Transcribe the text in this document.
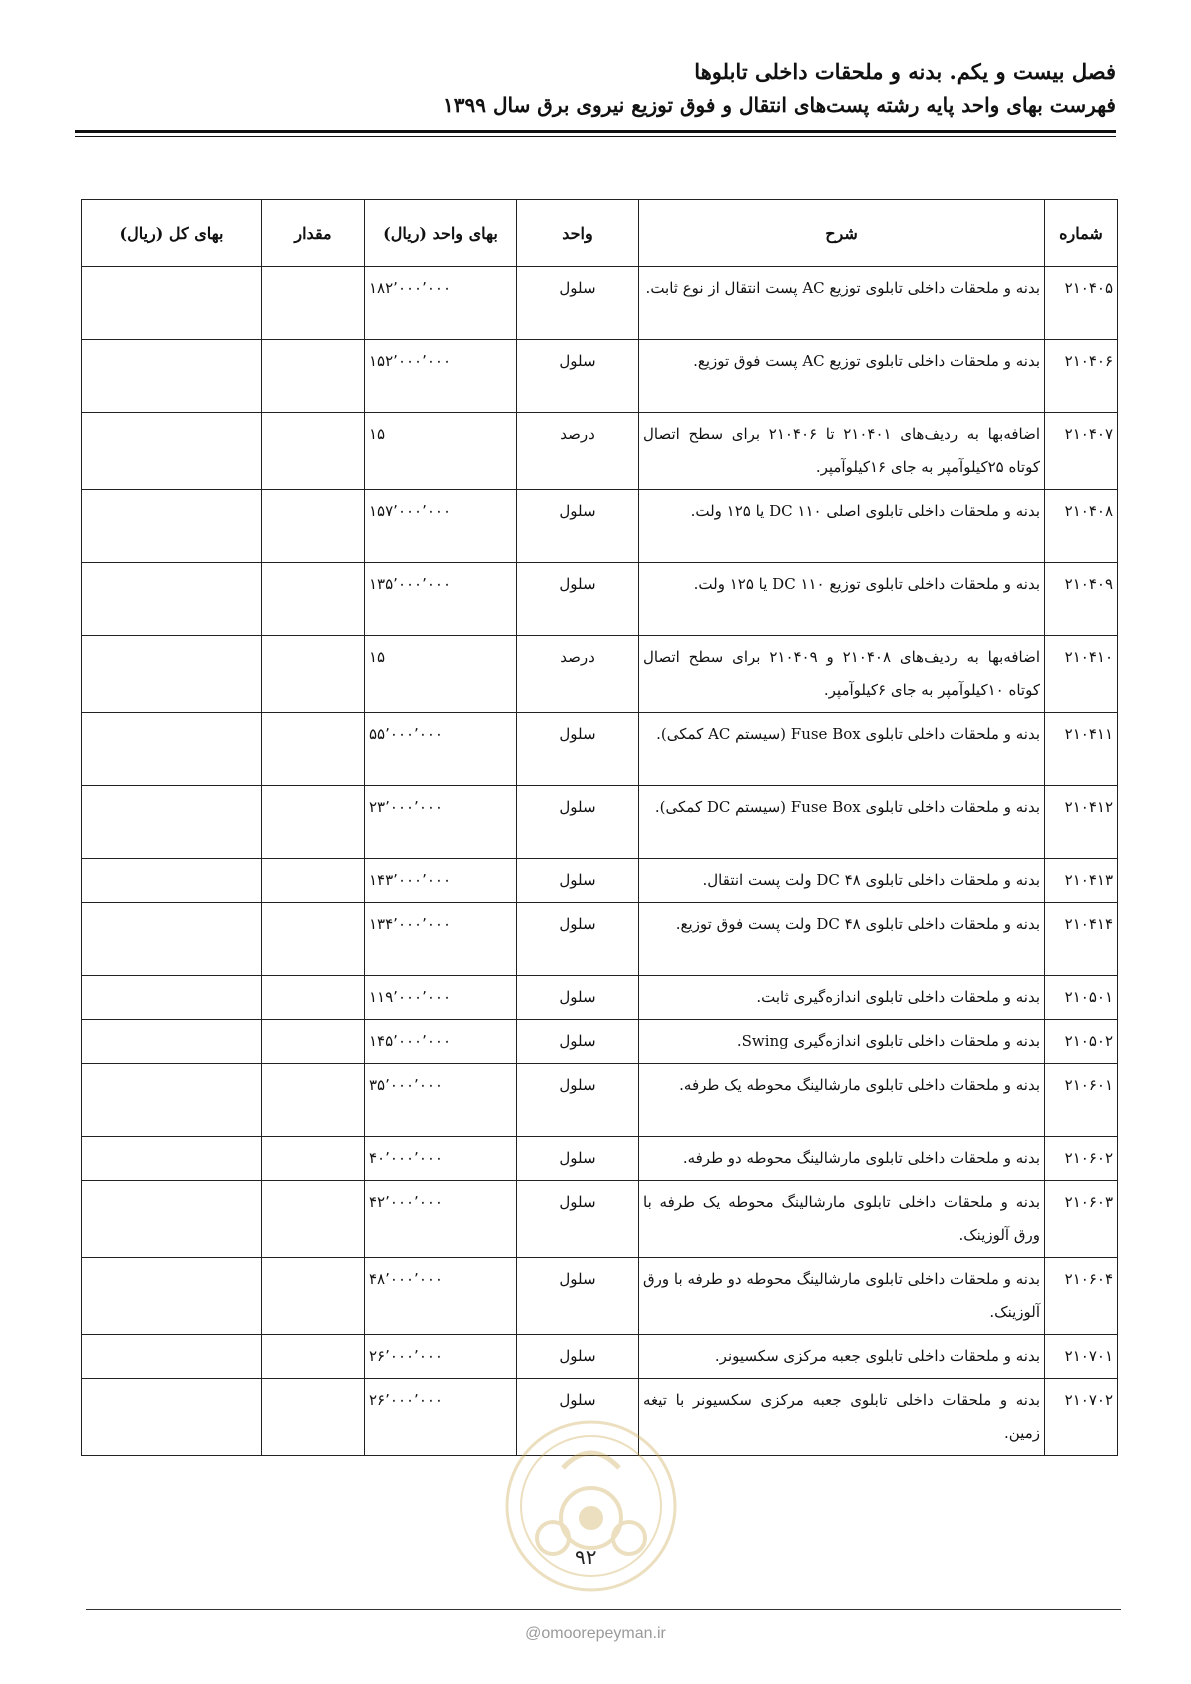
فصل بیست و یکم. بدنه و ملحقات داخلی تابلوها
فهرست بهای واحد پایه رشته پست‌های انتقال و فوق توزیع نیروی برق سال ۱۳۹۹
شماره	شرح	واحد	بهای واحد (ریال)	مقدار	بهای کل (ریال)
۲۱۰۴۰۵	بدنه و ملحقات داخلی تابلوی توزیع AC پست انتقال از نوع ثابت.	سلول	۱۸۲٬۰۰۰٬۰۰۰		
۲۱۰۴۰۶	بدنه و ملحقات داخلی تابلوی توزیع AC پست فوق توزیع.	سلول	۱۵۲٬۰۰۰٬۰۰۰		
۲۱۰۴۰۷	اضافه‌بها به ردیف‌های ۲۱۰۴۰۱ تا ۲۱۰۴۰۶ برای سطح اتصال کوتاه ۲۵کیلوآمپر به جای ۱۶کیلوآمپر.	درصد	۱۵		
۲۱۰۴۰۸	بدنه و ملحقات داخلی تابلوی اصلی DC ۱۱۰ یا ۱۲۵ ولت.	سلول	۱۵۷٬۰۰۰٬۰۰۰		
۲۱۰۴۰۹	بدنه و ملحقات داخلی تابلوی توزیع DC ۱۱۰ یا ۱۲۵ ولت.	سلول	۱۳۵٬۰۰۰٬۰۰۰		
۲۱۰۴۱۰	اضافه‌بها به ردیف‌های ۲۱۰۴۰۸ و ۲۱۰۴۰۹ برای سطح اتصال کوتاه ۱۰کیلوآمپر به جای ۶کیلوآمپر.	درصد	۱۵		
۲۱۰۴۱۱	بدنه و ملحقات داخلی تابلوی Fuse Box (سیستم AC کمکی).	سلول	۵۵٬۰۰۰٬۰۰۰		
۲۱۰۴۱۲	بدنه و ملحقات داخلی تابلوی Fuse Box (سیستم DC کمکی).	سلول	۲۳٬۰۰۰٬۰۰۰		
۲۱۰۴۱۳	بدنه و ملحقات داخلی تابلوی DC ۴۸ ولت پست انتقال.	سلول	۱۴۳٬۰۰۰٬۰۰۰		
۲۱۰۴۱۴	بدنه و ملحقات داخلی تابلوی DC ۴۸ ولت پست فوق توزیع.	سلول	۱۳۴٬۰۰۰٬۰۰۰		
۲۱۰۵۰۱	بدنه و ملحقات داخلی تابلوی اندازه‌گیری ثابت.	سلول	۱۱۹٬۰۰۰٬۰۰۰		
۲۱۰۵۰۲	بدنه و ملحقات داخلی تابلوی اندازه‌گیری Swing.	سلول	۱۴۵٬۰۰۰٬۰۰۰		
۲۱۰۶۰۱	بدنه و ملحقات داخلی تابلوی مارشالینگ محوطه یک طرفه.	سلول	۳۵٬۰۰۰٬۰۰۰		
۲۱۰۶۰۲	بدنه و ملحقات داخلی تابلوی مارشالینگ محوطه دو طرفه.	سلول	۴۰٬۰۰۰٬۰۰۰		
۲۱۰۶۰۳	بدنه و ملحقات داخلی تابلوی مارشالینگ محوطه یک طرفه با ورق آلوزینک.	سلول	۴۲٬۰۰۰٬۰۰۰		
۲۱۰۶۰۴	بدنه و ملحقات داخلی تابلوی مارشالینگ محوطه دو طرفه با ورق آلوزینک.	سلول	۴۸٬۰۰۰٬۰۰۰		
۲۱۰۷۰۱	بدنه و ملحقات داخلی تابلوی جعبه مرکزی سکسیونر.	سلول	۲۶٬۰۰۰٬۰۰۰		
۲۱۰۷۰۲	بدنه و ملحقات داخلی تابلوی جعبه مرکزی سکسیونر با تیغه زمین.	سلول	۲۶٬۰۰۰٬۰۰۰		
۹۲
@omoorepeyman.ir
